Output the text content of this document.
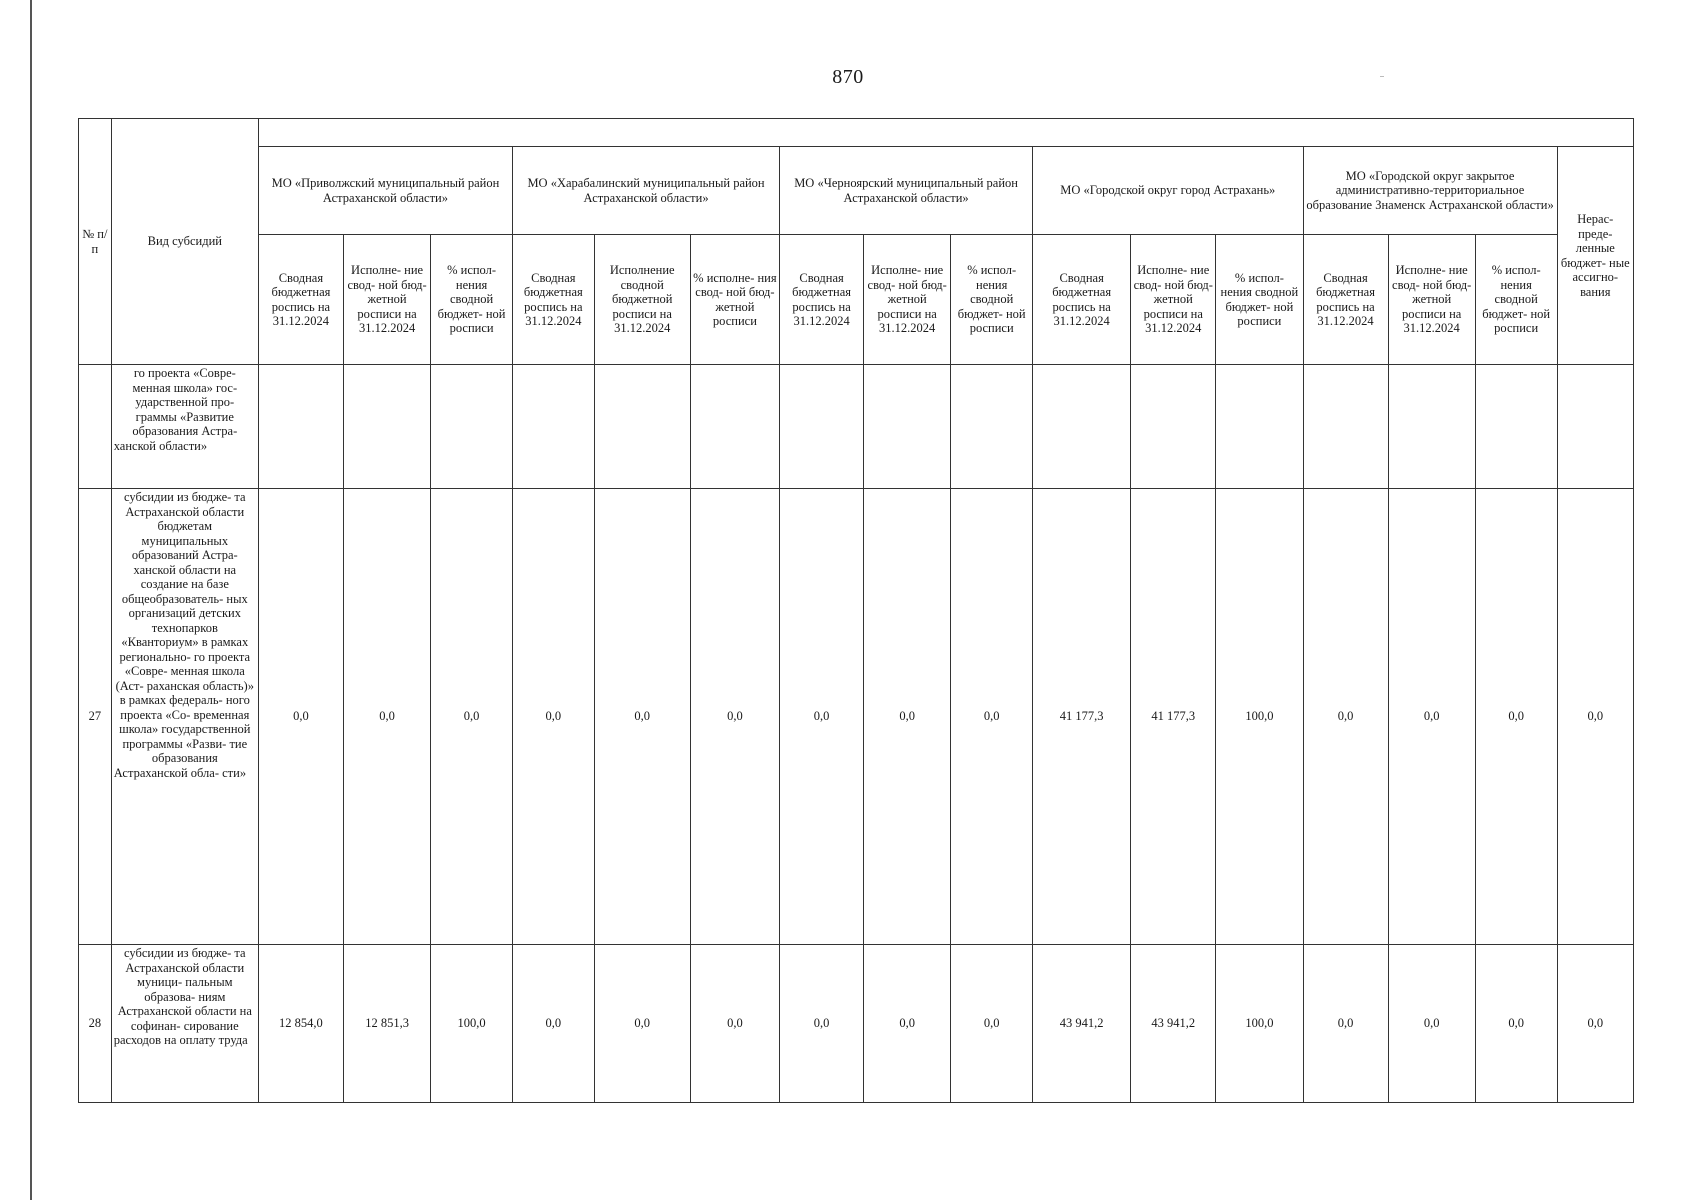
870
№ п/п	Вид субсидий																
		МО «Приволжский муниципальный район Астраханской области»			МО «Харабалинский муниципальный район Астраханской области»			МО «Черноярский муниципальный район Астраханской области»			МО «Городской округ город Астрахань»			МО «Городской округ закрытое административно-территориальное образование Знаменск Астраханской области»			Нерас- преде- ленные бюджет- ные ассигно- вания
		Сводная бюджетная роспись на 31.12.2024	Исполне- ние свод- ной бюд- жетной росписи на 31.12.2024	% испол- нения сводной бюджет- ной росписи	Сводная бюджетная роспись на 31.12.2024	Исполнение сводной бюджетной росписи на 31.12.2024	% исполне- ния свод- ной бюд- жетной росписи	Сводная бюджетная роспись на 31.12.2024	Исполне- ние свод- ной бюд- жетной росписи на 31.12.2024	% испол- нения сводной бюджет- ной росписи	Сводная бюджетная роспись на 31.12.2024	Исполне- ние свод- ной бюд- жетной росписи на 31.12.2024	% испол- нения сводной бюджет- ной росписи	Сводная бюджетная роспись на 31.12.2024	Исполне- ние свод- ной бюд- жетной росписи на 31.12.2024	% испол- нения сводной бюджет- ной росписи	
	го проекта «Совре- менная школа» гос- ударственной про- граммы «Развитие образования Астра- ханской области»																
27	субсидии из бюдже- та Астраханской области бюджетам муниципальных образований Астра- ханской области на создание на базе общеобразователь- ных организаций детских технопарков «Кванториум» в рамках регионально- го проекта «Совре- менная школа (Аст- раханская область)» в рамках федераль- ного проекта «Со- временная школа» государственной программы «Разви- тие образования Астраханской обла- сти»	0,0	0,0	0,0	0,0	0,0	0,0	0,0	0,0	0,0	41 177,3	41 177,3	100,0	0,0	0,0	0,0	0,0
28	субсидии из бюдже- та Астраханской области муници- пальным образова- ниям Астраханской области на софинан- сирование расходов на оплату труда	12 854,0	12 851,3	100,0	0,0	0,0	0,0	0,0	0,0	0,0	43 941,2	43 941,2	100,0	0,0	0,0	0,0	0,0
